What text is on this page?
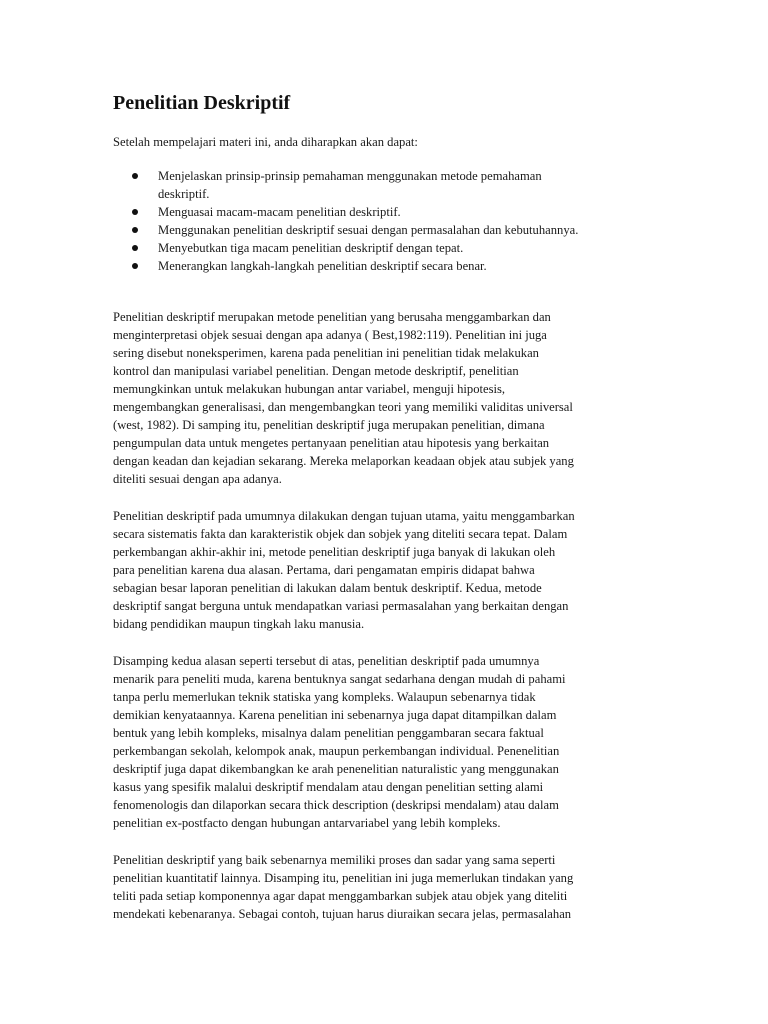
Penelitian Deskriptif

Setelah mempelajari materi ini, anda diharapkan akan dapat:

Menjelaskan prinsip-prinsip pemahaman menggunakan metode pemahaman
deskriptif.
Menguasai macam-macam penelitian deskriptif.
Menggunakan penelitian deskriptif sesuai dengan permasalahan dan kebutuhannya.
Menyebutkan tiga macam penelitian deskriptif dengan tepat.
Menerangkan langkah-langkah penelitian deskriptif secara benar.

Penelitian deskriptif merupakan metode penelitian yang berusaha menggambarkan dan
menginterpretasi objek sesuai dengan apa adanya ( Best,1982:119). Penelitian ini juga
sering disebut noneksperimen, karena pada penelitian ini penelitian tidak melakukan
kontrol dan manipulasi variabel penelitian. Dengan metode deskriptif, penelitian
memungkinkan untuk melakukan hubungan antar variabel, menguji hipotesis,
mengembangkan generalisasi, dan mengembangkan teori yang memiliki validitas universal
(west, 1982). Di samping itu, penelitian deskriptif juga merupakan penelitian, dimana
pengumpulan data untuk mengetes pertanyaan penelitian atau hipotesis yang berkaitan
dengan keadan dan kejadian sekarang. Mereka melaporkan keadaan objek atau subjek yang
diteliti sesuai dengan apa adanya.

Penelitian deskriptif pada umumnya dilakukan dengan tujuan utama, yaitu menggambarkan
secara sistematis fakta dan karakteristik objek dan sobjek yang diteliti secara tepat. Dalam
perkembangan akhir-akhir ini, metode penelitian deskriptif juga banyak di lakukan oleh
para penelitian karena dua alasan. Pertama, dari pengamatan empiris didapat bahwa
sebagian besar laporan penelitian di lakukan dalam bentuk deskriptif. Kedua, metode
deskriptif sangat berguna untuk mendapatkan variasi permasalahan yang berkaitan dengan
bidang pendidikan maupun tingkah laku manusia.

Disamping kedua alasan seperti tersebut di atas, penelitian deskriptif pada umumnya
menarik para peneliti muda, karena bentuknya sangat sedarhana dengan mudah di pahami
tanpa perlu memerlukan teknik statiska yang kompleks. Walaupun sebenarnya tidak
demikian kenyataannya. Karena penelitian ini sebenarnya juga dapat ditampilkan dalam
bentuk yang lebih kompleks, misalnya dalam penelitian penggambaran secara faktual
perkembangan sekolah, kelompok anak, maupun perkembangan individual. Penenelitian
deskriptif juga dapat dikembangkan ke arah penenelitian naturalistic yang menggunakan
kasus yang spesifik malalui deskriptif mendalam atau dengan penelitian setting alami
fenomenologis dan dilaporkan secara thick description (deskripsi mendalam) atau dalam
penelitian ex-postfacto dengan hubungan antarvariabel yang lebih kompleks.

Penelitian deskriptif yang baik sebenarnya memiliki proses dan sadar yang sama seperti
penelitian kuantitatif lainnya. Disamping itu, penelitian ini juga memerlukan tindakan yang
teliti pada setiap komponennya agar dapat menggambarkan subjek atau objek yang diteliti
mendekati kebenaranya. Sebagai contoh, tujuan harus diuraikan secara jelas, permasalahan
